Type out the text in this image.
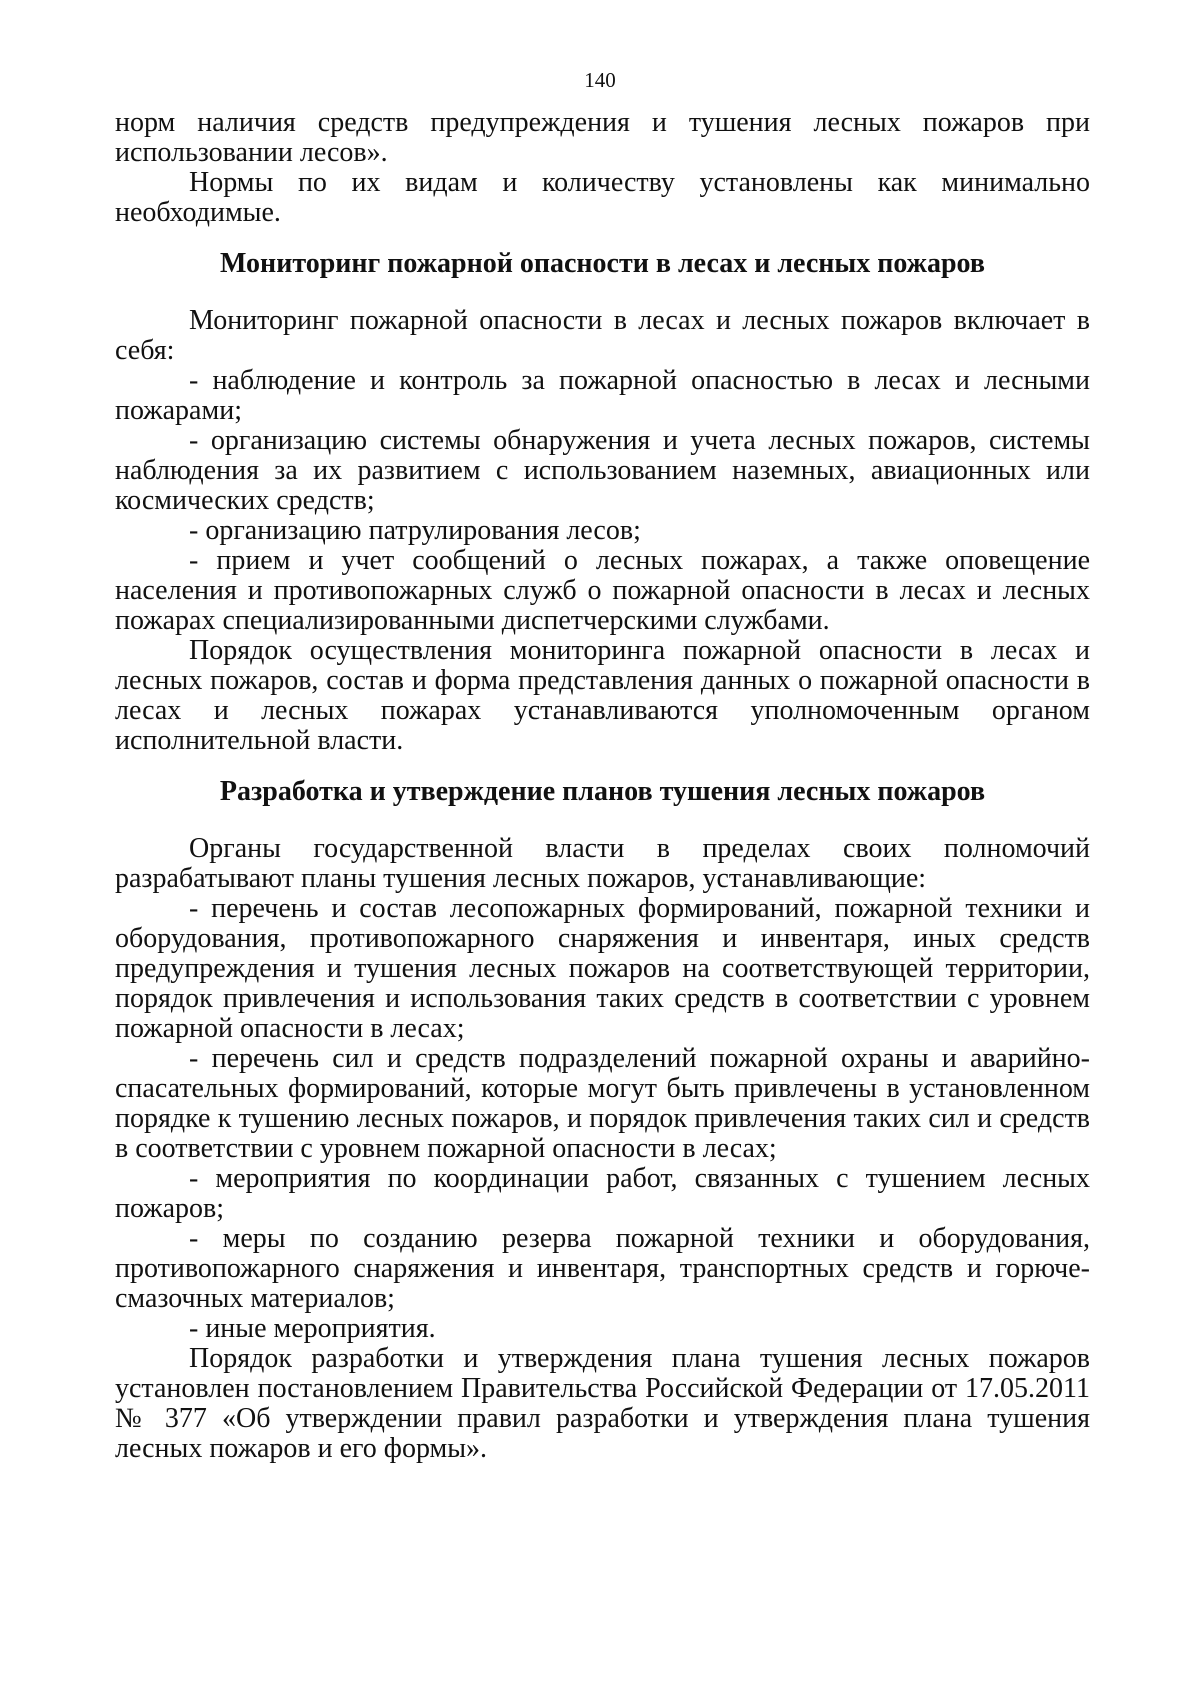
140

норм наличия средств предупреждения и тушения лесных пожаров при использовании лесов».

Нормы по их видам и количеству установлены как минимально необходимые.

Мониторинг пожарной опасности в лесах и лесных пожаров

Мониторинг пожарной опасности в лесах и лесных пожаров включает в себя:

- наблюдение и контроль за пожарной опасностью в лесах и лесными пожарами;

- организацию системы обнаружения и учета лесных пожаров, системы наблюдения за их развитием с использованием наземных, авиационных или космических средств;

- организацию патрулирования лесов;

- прием и учет сообщений о лесных пожарах, а также оповещение населения и противопожарных служб о пожарной опасности в лесах и лесных пожарах специализированными диспетчерскими службами.

Порядок осуществления мониторинга пожарной опасности в лесах и лесных пожаров, состав и форма представления данных о пожарной опасности в лесах и лесных пожарах устанавливаются уполномоченным органом исполнительной власти.

Разработка и утверждение планов тушения лесных пожаров

Органы государственной власти в пределах своих полномочий разрабатывают планы тушения лесных пожаров, устанавливающие:

- перечень и состав лесопожарных формирований, пожарной техники и оборудования, противопожарного снаряжения и инвентаря, иных средств предупреждения и тушения лесных пожаров на соответствующей территории, порядок привлечения и использования таких средств в соответствии с уровнем пожарной опасности в лесах;

- перечень сил и средств подразделений пожарной охраны и аварийно-спасательных формирований, которые могут быть привлечены в установленном порядке к тушению лесных пожаров, и порядок привлечения таких сил и средств в соответствии с уровнем пожарной опасности в лесах;

- мероприятия по координации работ, связанных с тушением лесных пожаров;

- меры по созданию резерва пожарной техники и оборудования, противопожарного снаряжения и инвентаря, транспортных средств и горюче-смазочных материалов;

- иные мероприятия.

Порядок разработки и утверждения плана тушения лесных пожаров установлен постановлением Правительства Российской Федерации от 17.05.2011 № 377 «Об утверждении правил разработки и утверждения плана тушения лесных пожаров и его формы».
